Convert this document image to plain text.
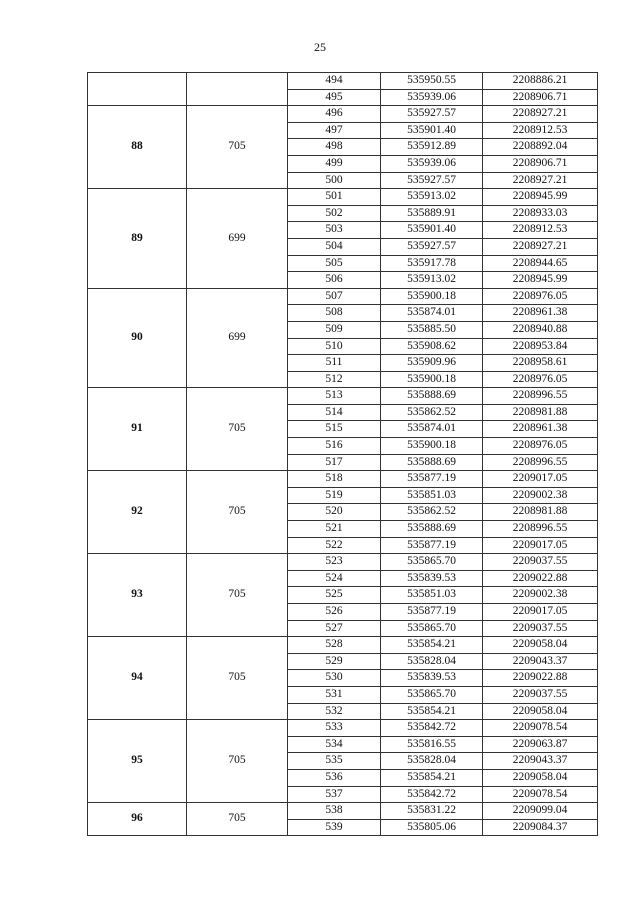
25
		494	535950.55	2208886.21
		495	535939.06	2208906.71
88	705	496	535927.57	2208927.21
		497	535901.40	2208912.53
		498	535912.89	2208892.04
		499	535939.06	2208906.71
		500	535927.57	2208927.21
89	699	501	535913.02	2208945.99
		502	535889.91	2208933.03
		503	535901.40	2208912.53
		504	535927.57	2208927.21
		505	535917.78	2208944.65
		506	535913.02	2208945.99
90	699	507	535900.18	2208976.05
		508	535874.01	2208961.38
		509	535885.50	2208940.88
		510	535908.62	2208953.84
		511	535909.96	2208958.61
		512	535900.18	2208976.05
91	705	513	535888.69	2208996.55
		514	535862.52	2208981.88
		515	535874.01	2208961.38
		516	535900.18	2208976.05
		517	535888.69	2208996.55
92	705	518	535877.19	2209017.05
		519	535851.03	2209002.38
		520	535862.52	2208981.88
		521	535888.69	2208996.55
		522	535877.19	2209017.05
93	705	523	535865.70	2209037.55
		524	535839.53	2209022.88
		525	535851.03	2209002.38
		526	535877.19	2209017.05
		527	535865.70	2209037.55
94	705	528	535854.21	2209058.04
		529	535828.04	2209043.37
		530	535839.53	2209022.88
		531	535865.70	2209037.55
		532	535854.21	2209058.04
95	705	533	535842.72	2209078.54
		534	535816.55	2209063.87
		535	535828.04	2209043.37
		536	535854.21	2209058.04
		537	535842.72	2209078.54
96	705	538	535831.22	2209099.04
		539	535805.06	2209084.37
